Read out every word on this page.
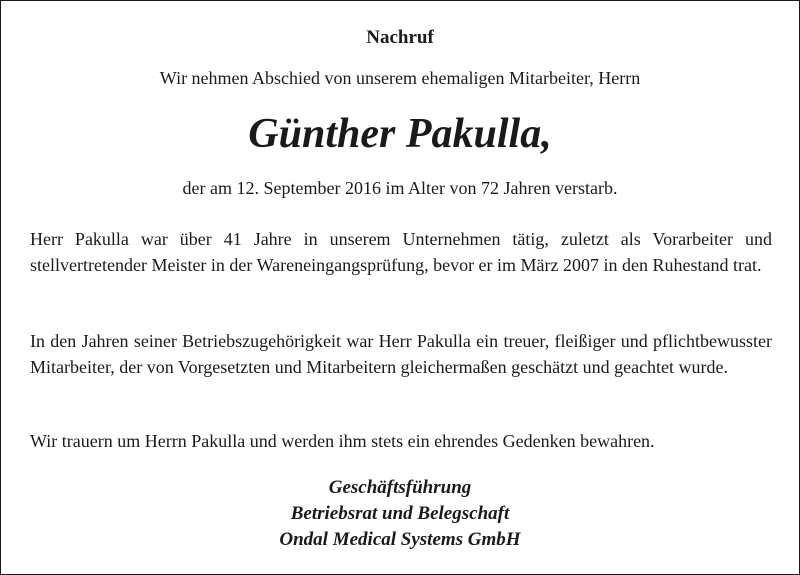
Nachruf
Wir nehmen Abschied von unserem ehemaligen Mitarbeiter, Herrn
Günther Pakulla,
der am 12. September 2016 im Alter von 72 Jahren verstarb.

Herr Pakulla war über 41 Jahre in unserem Unternehmen tätig, zuletzt als Vorarbeiter und stellvertretender Meister in der Wareneingangsprüfung, bevor er im März 2007 in den Ruhestand trat.

In den Jahren seiner Betriebszugehörigkeit war Herr Pakulla ein treuer, fleißiger und pflichtbewusster Mitarbeiter, der von Vorgesetzten und Mitarbeitern gleichermaßen geschätzt und geachtet wurde.

Wir trauern um Herrn Pakulla und werden ihm stets ein ehrendes Gedenken bewahren.

Geschäftsführung
Betriebsrat und Belegschaft
Ondal Medical Systems GmbH
